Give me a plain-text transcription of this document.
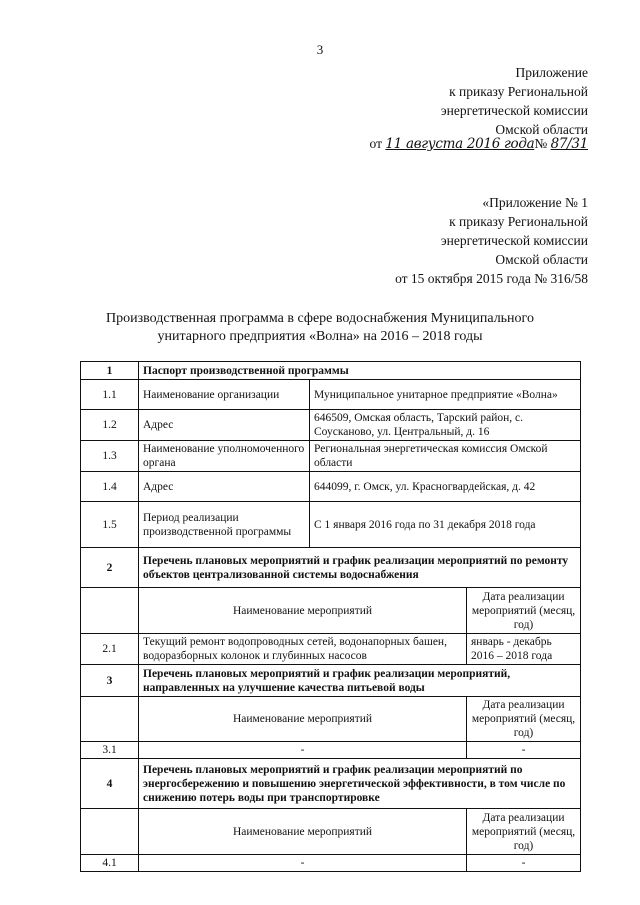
3
Приложение
к приказу Региональной
энергетической комиссии
Омской области
от 11 августа 2016 года№ 87/31
«Приложение № 1
к приказу Региональной
энергетической комиссии
Омской области
от 15 октября 2015 года № 316/58
Производственная программа в сфере водоснабжения Муниципального
унитарного предприятия «Волна» на 2016 – 2018 годы
1	Паспорт производственной программы		
1.1	Наименование организации	Муниципальное унитарное предприятие «Волна»	
1.2	Адрес	646509, Омская область, Тарский район, с. Соусканово, ул. Центральный, д. 16	
1.3	Наименование уполномоченного органа	Региональная энергетическая комиссия Омской области	
1.4	Адрес	644099, г. Омск, ул. Красногвардейская, д. 42	
1.5	Период реализации производственной программы	С 1 января 2016 года по 31 декабря 2018 года	
2	Перечень плановых мероприятий и график реализации мероприятий по ремонту объектов централизованной системы водоснабжения		
	Наименование мероприятий		Дата реализации мероприятий (месяц, год)
2.1	Текущий ремонт водопроводных сетей, водонапорных башен, водоразборных колонок и глубинных насосов		январь - декабрь 2016 – 2018 года
3	Перечень плановых мероприятий и график реализации мероприятий, направленных на улучшение качества питьевой воды		
	Наименование мероприятий		Дата реализации мероприятий (месяц, год)
3.1	-		-
4	Перечень плановых мероприятий и график реализации мероприятий по энергосбережению и повышению энергетической эффективности, в том числе по снижению потерь воды при транспортировке		
	Наименование мероприятий		Дата реализации мероприятий (месяц, год)
4.1	-		-
